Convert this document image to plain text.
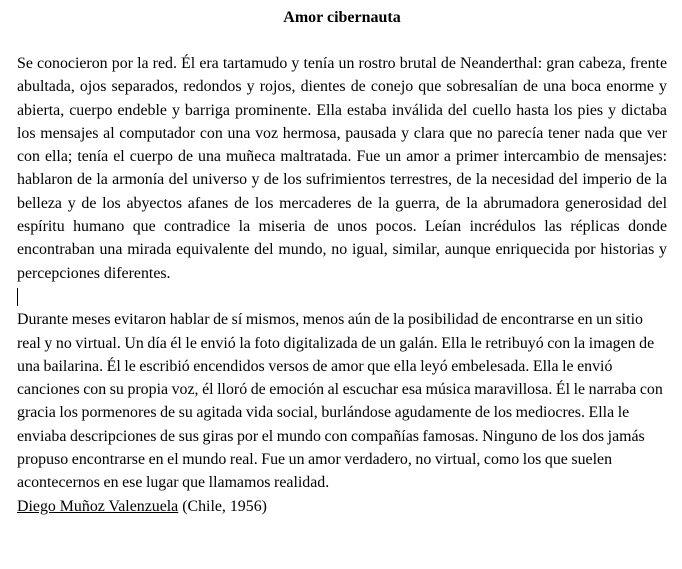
Amor cibernauta

Se conocieron por la red. Él era tartamudo y tenía un rostro brutal de Neanderthal: gran cabeza, frente abultada, ojos separados, redondos y rojos, dientes de conejo que sobresalían de una boca enorme y abierta, cuerpo endeble y barriga prominente. Ella estaba inválida del cuello hasta los pies y dictaba los mensajes al computador con una voz hermosa, pausada y clara que no parecía tener nada que ver con ella; tenía el cuerpo de una muñeca maltratada. Fue un amor a primer intercambio de mensajes: hablaron de la armonía del universo y de los sufrimientos terrestres, de la necesidad del imperio de la belleza y de los abyectos afanes de los mercaderes de la guerra, de la abrumadora generosidad del espíritu humano que contradice la miseria de unos pocos. Leían incrédulos las réplicas donde encontraban una mirada equivalente del mundo, no igual, similar, aunque enriquecida por historias y percepciones diferentes.

Durante meses evitaron hablar de sí mismos, menos aún de la posibilidad de encontrarse en un sitio real y no virtual. Un día él le envió la foto digitalizada de un galán. Ella le retribuyó con la imagen de una bailarina. Él le escribió encendidos versos de amor que ella leyó embelesada. Ella le envió canciones con su propia voz, él lloró de emoción al escuchar esa música maravillosa. Él le narraba con gracia los pormenores de su agitada vida social, burlándose agudamente de los mediocres. Ella le enviaba descripciones de sus giras por el mundo con compañías famosas. Ninguno de los dos jamás propuso encontrarse en el mundo real. Fue un amor verdadero, no virtual, como los que suelen acontecernos en ese lugar que llamamos realidad.

Diego Muñoz Valenzuela (Chile, 1956)
